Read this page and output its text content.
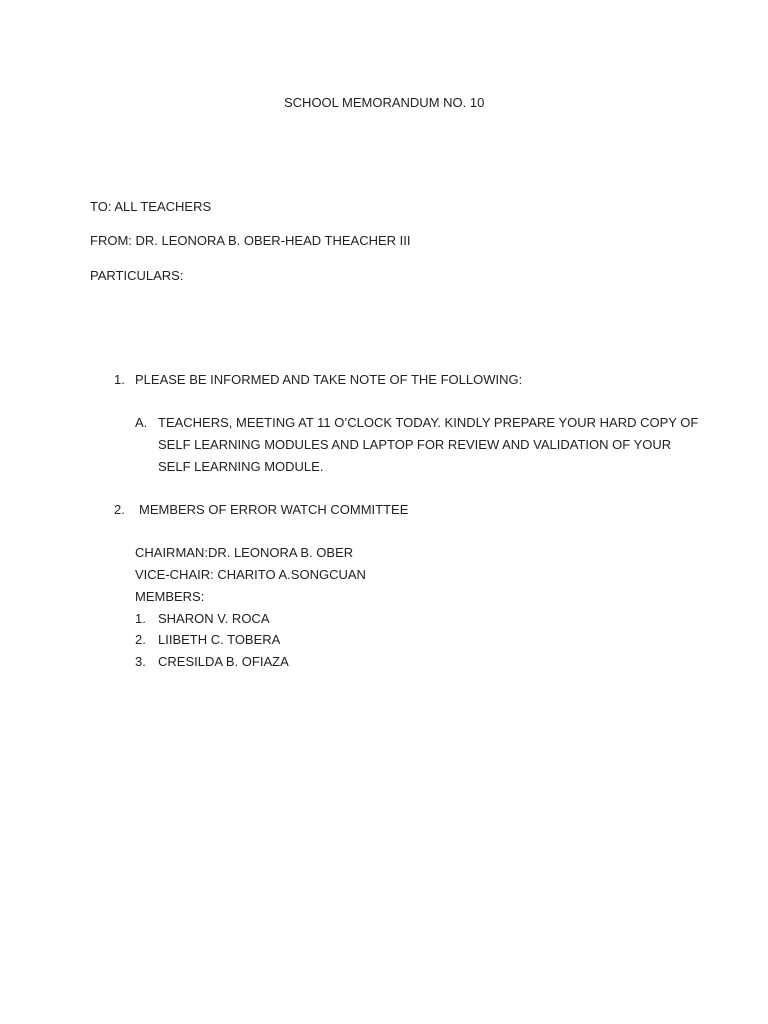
SCHOOL MEMORANDUM NO. 10
TO: ALL TEACHERS
FROM: DR. LEONORA B. OBER-HEAD THEACHER III
PARTICULARS:
1. PLEASE BE INFORMED AND TAKE NOTE OF THE FOLLOWING:
A. TEACHERS, MEETING AT 11 O’CLOCK TODAY. KINDLY PREPARE YOUR HARD COPY OF
SELF LEARNING MODULES AND LAPTOP FOR REVIEW AND VALIDATION OF YOUR
SELF LEARNING MODULE.
2. MEMBERS OF ERROR WATCH COMMITTEE
CHAIRMAN:DR. LEONORA B. OBER
VICE-CHAIR: CHARITO A.SONGCUAN
MEMBERS:
1. SHARON V. ROCA
2. LIIBETH C. TOBERA
3. CRESILDA B. OFIAZA
